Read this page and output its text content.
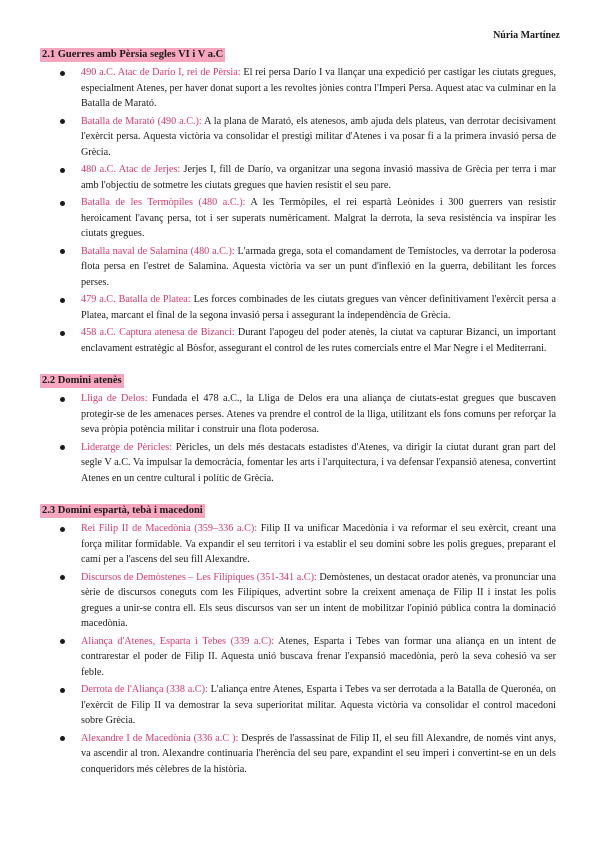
Núria Martínez
2.1 Guerres amb Pèrsia segles VI i V a.C
490 a.C. Atac de Darío I, rei de Pèrsia: El rei persa Darío I va llançar una expedició per castigar les ciutats gregues, especialment Atenes, per haver donat suport a les revoltes jònies contra l'Imperi Persa. Aquest atac va culminar en la Batalla de Marató.
Batalla de Marató (490 a.C.): A la plana de Marató, els atenesos, amb ajuda dels plateus, van derrotar decisivament l'exèrcit persa. Aquesta victòria va consolidar el prestigi militar d'Atenes i va posar fi a la primera invasió persa de Grècia.
480 a.C. Atac de Jerjes: Jerjes I, fill de Darío, va organitzar una segona invasió massiva de Grècia per terra i mar amb l'objectiu de sotmetre les ciutats gregues que havien resistit el seu pare.
Batalla de les Termòpiles (480 a.C.): A les Termòpiles, el rei espartà Leònides i 300 guerrers van resistir heroicament l'avanç persa, tot i ser superats numèricament. Malgrat la derrota, la seva resistència va inspirar les ciutats gregues.
Batalla naval de Salamina (480 a.C.): L'armada grega, sota el comandament de Temístocles, va derrotar la poderosa flota persa en l'estret de Salamina. Aquesta victòria va ser un punt d'inflexió en la guerra, debilitant les forces perses.
479 a.C. Batalla de Platea: Les forces combinades de les ciutats gregues van vèncer definitivament l'exèrcit persa a Platea, marcant el final de la segona invasió persa i assegurant la independència de Grècia.
458 a.C. Captura atenesa de Bizanci: Durant l'apogeu del poder atenès, la ciutat va capturar Bizanci, un important enclavament estratègic al Bòsfor, assegurant el control de les rutes comercials entre el Mar Negre i el Mediterrani.
2.2 Domini atenès
Lliga de Delos: Fundada el 478 a.C., la Lliga de Delos era una aliança de ciutats-estat gregues que buscaven protegir-se de les amenaces perses. Atenes va prendre el control de la lliga, utilitzant els fons comuns per reforçar la seva pròpia potència militar i construir una flota poderosa.
Lideratge de Pèricles: Pèricles, un dels més destacats estadistes d'Atenes, va dirigir la ciutat durant gran part del segle V a.C. Va impulsar la democràcia, fomentar les arts i l'arquitectura, i va defensar l'expansió atenesa, convertint Atenes en un centre cultural i polític de Grècia.
2.3 Domini espartà, tebà i macedoni
Rei Filip II de Macedònia (359–336 a.C): Filip II va unificar Macedònia i va reformar el seu exèrcit, creant una força militar formidable. Va expandir el seu territori i va establir el seu domini sobre les polis gregues, preparant el camí per a l'ascens del seu fill Alexandre.
Discursos de Demòstenes – Les Filípiques (351-341 a.C): Demòstenes, un destacat orador atenès, va pronunciar una sèrie de discursos coneguts com les Filípiques, advertint sobre la creixent amenaça de Filip II i instat les polis gregues a unir-se contra ell. Els seus discursos van ser un intent de mobilitzar l'opinió pública contra la dominació macedònia.
Aliança d'Atenes, Esparta i Tebes (339 a.C): Atenes, Esparta i Tebes van formar una aliança en un intent de contrarestar el poder de Filip II. Aquesta unió buscava frenar l'expansió macedònia, però la seva cohesió va ser feble.
Derrota de l'Aliança (338 a.C): L'aliança entre Atenes, Esparta i Tebes va ser derrotada a la Batalla de Queronéa, on l'exèrcit de Filip II va demostrar la seva superioritat militar. Aquesta victòria va consolidar el control macedoni sobre Grècia.
Alexandre I de Macedònia (336 a.C ): Després de l'assassinat de Filip II, el seu fill Alexandre, de només vint anys, va ascendir al tron. Alexandre continuaria l'herència del seu pare, expandint el seu imperi i convertint-se en un dels conqueridors més cèlebres de la història.
